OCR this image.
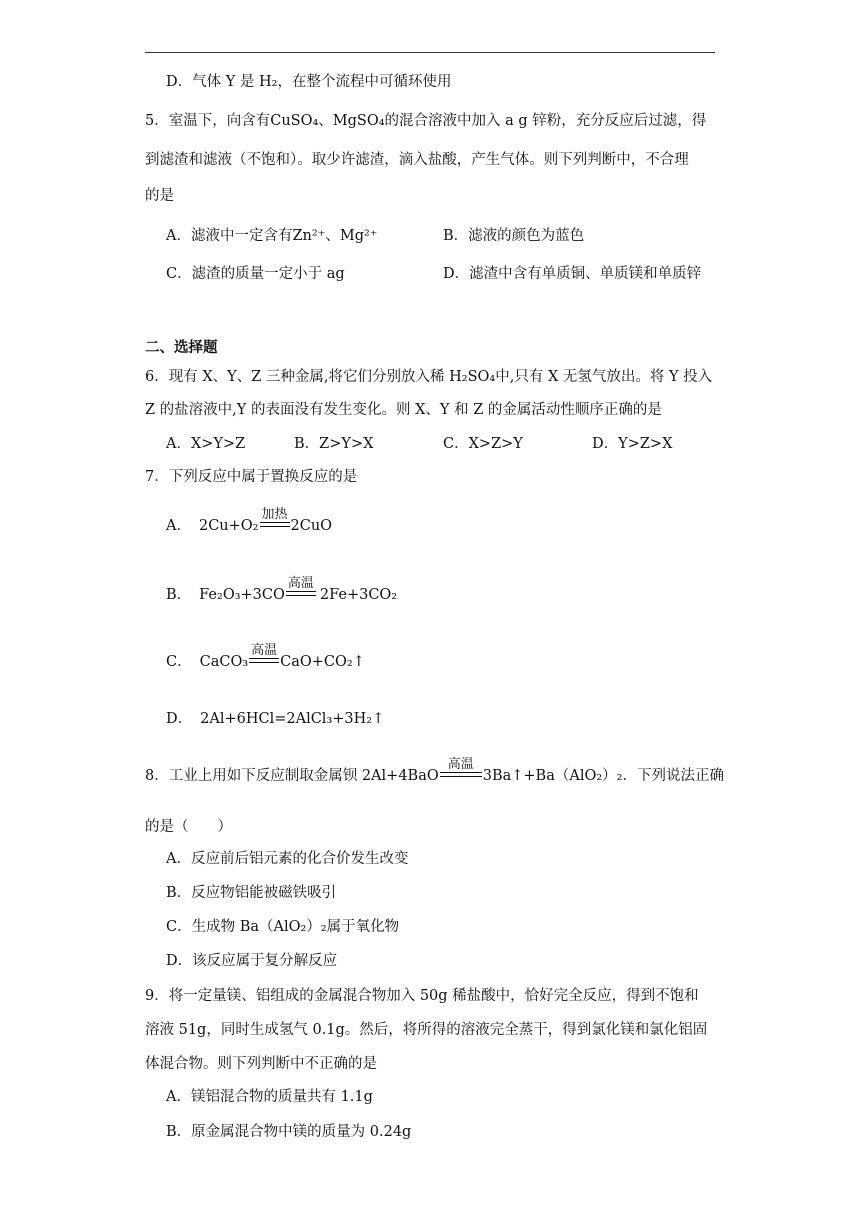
D．气体 Y 是 H₂，在整个流程中可循环使用
5．室温下，向含有CuSO₄、MgSO₄的混合溶液中加入 a g 锌粉，充分反应后过滤，得
到滤渣和滤液（不饱和）。取少许滤渣，滴入盐酸，产生气体。则下列判断中，不合理
的是
A．滤液中一定含有Zn²⁺、Mg²⁺	B．滤液的颜色为蓝色
C．滤渣的质量一定小于 ag	D．滤渣中含有单质铜、单质镁和单质锌
二、选择题
6．现有 X、Y、Z 三种金属,将它们分别放入稀 H₂SO₄中,只有 X 无氢气放出。将 Y 投入
Z 的盐溶液中,Y 的表面没有发生变化。则 X、Y 和 Z 的金属活动性顺序正确的是
A．X>Y>Z	B．Z>Y>X	C．X>Z>Y	D．Y>Z>X
7．下列反应中属于置换反应的是
A． 2Cu+O₂
加热
2CuO
B． Fe₂O₃+3CO
高温
2Fe+3CO₂
C． CaCO₃
高温
CaO+CO₂↑
D． 2Al+6HCl=2AlCl₃+3H₂↑
8．工业上用如下反应制取金属钡 2Al+4BaO
高温
3Ba↑+Ba（AlO₂）₂．下列说法正确
的是（　　）
A．反应前后铝元素的化合价发生改变
B．反应物铝能被磁铁吸引
C．生成物 Ba（AlO₂）₂属于氧化物
D．该反应属于复分解反应
9．将一定量镁、铝组成的金属混合物加入 50g 稀盐酸中，恰好完全反应，得到不饱和
溶液 51g，同时生成氢气 0.1g。然后，将所得的溶液完全蒸干，得到氯化镁和氯化铝固
体混合物。则下列判断中不正确的是
A．镁铝混合物的质量共有 1.1g
B．原金属混合物中镁的质量为 0.24g
